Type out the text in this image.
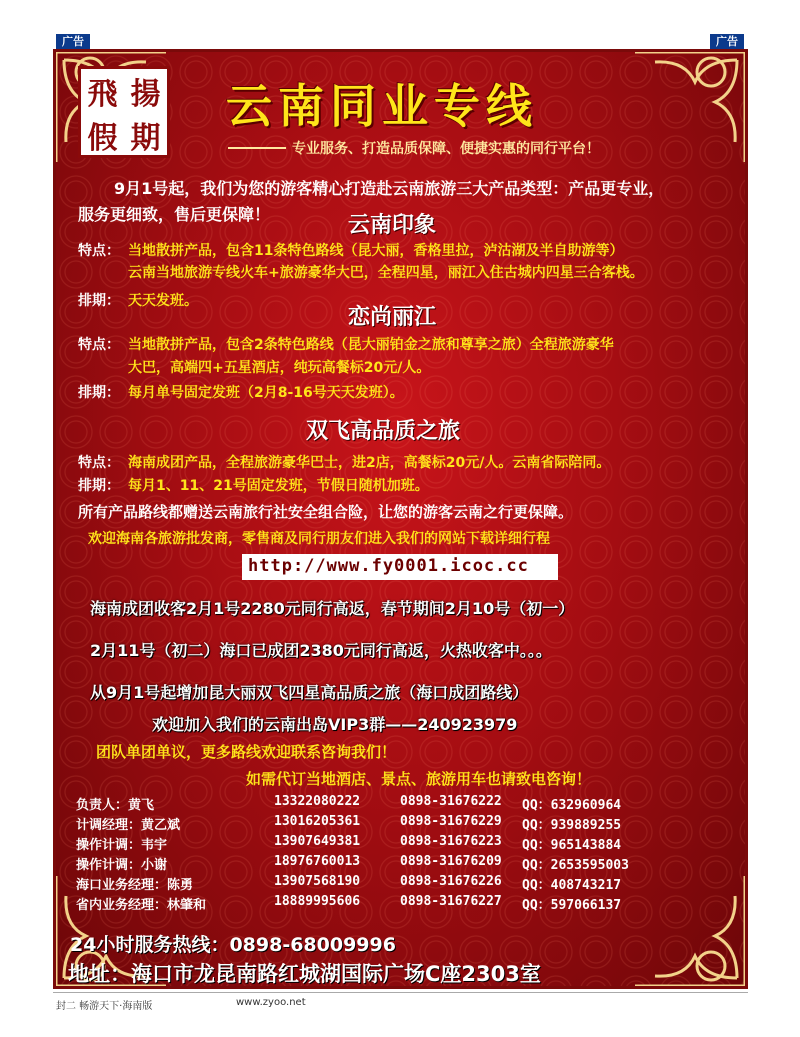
广告	广告
飛 揚
假 期
云南同业专线
专业服务、打造品质保障、便捷实惠的同行平台！
9月1号起，我们为您的游客精心打造赴云南旅游三大产品类型：产品更专业，
服务更细致，售后更保障！	云南印象
特点： 当地散拼产品，包含11条特色路线（昆大丽，香格里拉，泸沽湖及半自助游等）
云南当地旅游专线火车+旅游豪华大巴，全程四星，丽江入住古城内四星三合客栈。
排期： 天天发班。
恋尚丽江
特点： 当地散拼产品，包含2条特色路线（昆大丽铂金之旅和尊享之旅）全程旅游豪华
大巴，高端四+五星酒店，纯玩高餐标20元/人。
排期： 每月单号固定发班（2月8-16号天天发班）。
双飞高品质之旅
特点： 海南成团产品，全程旅游豪华巴士，进2店，高餐标20元/人。云南省际陪同。
排期： 每月1、11、21号固定发班，节假日随机加班。
所有产品路线都赠送云南旅行社安全组合险，让您的游客云南之行更保障。
欢迎海南各旅游批发商，零售商及同行朋友们进入我们的网站下载详细行程
http://www.fy0001.icoc.cc
海南成团收客2月1号2280元同行高返，春节期间2月10号（初一）
2月11号（初二）海口已成团2380元同行高返，火热收客中。。。
从9月1号起增加昆大丽双飞四星高品质之旅（海口成团路线）
欢迎加入我们的云南出岛VIP3群——240923979
团队单团单议，更多路线欢迎联系咨询我们！
如需代订当地酒店、景点、旅游用车也请致电咨询！
负责人：黄飞	13322080222	0898-31676222	QQ：632960964
计调经理：黄乙斌	13016205361	0898-31676229	QQ：939889255
操作计调：韦宇	13907649381	0898-31676223	QQ：965143884
操作计调：小谢	18976760013	0898-31676209	QQ：2653595003
海口业务经理：陈勇	13907568190	0898-31676226	QQ：408743217
省内业务经理：林肇和	18889995606	0898-31676227	QQ：597066137
24小时服务热线：0898-68009996
地址：海口市龙昆南路红城湖国际广场C座2303室
封二 畅游天下·海南版	www.zyoo.net
